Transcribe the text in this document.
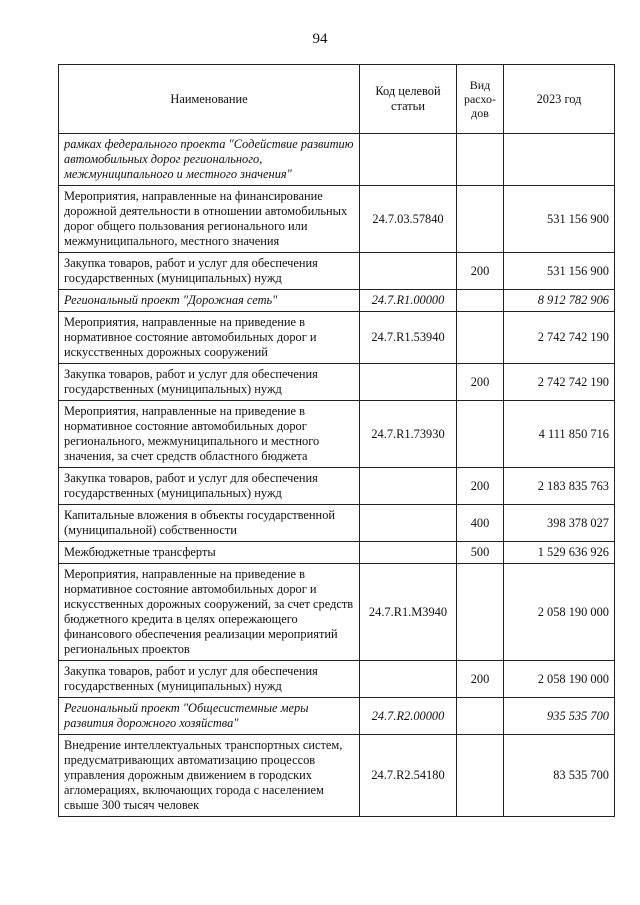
94
Наименование	Код целевой статьи	Вид расхо-дов	2023 год
рамках федерального проекта "Содействие развитию автомобильных дорог регионального, межмуниципального и местного значения"			
Мероприятия, направленные на финансирование дорожной деятельности в отношении автомобильных дорог общего пользования регионального или межмуниципального, местного значения	24.7.03.57840		531 156 900
Закупка товаров, работ и услуг для обеспечения государственных (муниципальных) нужд		200	531 156 900
Региональный проект "Дорожная сеть"	24.7.R1.00000		8 912 782 906
Мероприятия, направленные на приведение в нормативное состояние автомобильных дорог и искусственных дорожных сооружений	24.7.R1.53940		2 742 742 190
Закупка товаров, работ и услуг для обеспечения государственных (муниципальных) нужд		200	2 742 742 190
Мероприятия, направленные на приведение в нормативное состояние автомобильных дорог регионального, межмуниципального и местного значения, за счет средств областного бюджета	24.7.R1.73930		4 111 850 716
Закупка товаров, работ и услуг для обеспечения государственных (муниципальных) нужд		200	2 183 835 763
Капитальные вложения в объекты государственной (муниципальной) собственности		400	398 378 027
Межбюджетные трансферты		500	1 529 636 926
Мероприятия, направленные на приведение в нормативное состояние автомобильных дорог и искусственных дорожных сооружений, за счет средств бюджетного кредита в целях опережающего финансового обеспечения реализации мероприятий региональных проектов	24.7.R1.M3940		2 058 190 000
Закупка товаров, работ и услуг для обеспечения государственных (муниципальных) нужд		200	2 058 190 000
Региональный проект "Общесистемные меры развития дорожного хозяйства"	24.7.R2.00000		935 535 700
Внедрение интеллектуальных транспортных систем, предусматривающих автоматизацию процессов управления дорожным движением в городских агломерациях, включающих города с населением свыше 300 тысяч человек	24.7.R2.54180		83 535 700
